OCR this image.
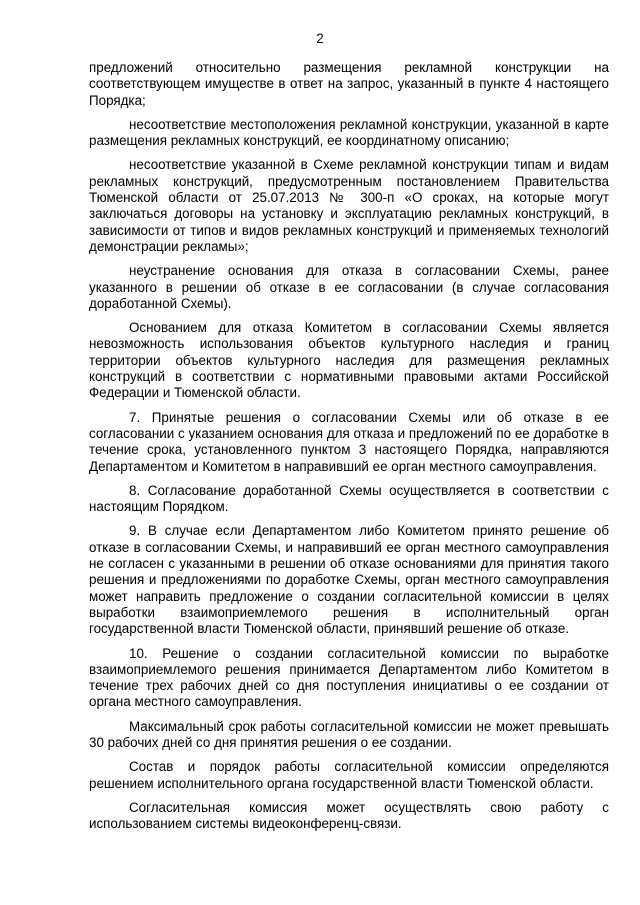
2

предложений относительно размещения рекламной конструкции на соответствующем имуществе в ответ на запрос, указанный в пункте 4 настоящего Порядка;

несоответствие местоположения рекламной конструкции, указанной в карте размещения рекламных конструкций, ее координатному описанию;

несоответствие указанной в Схеме рекламной конструкции типам и видам рекламных конструкций, предусмотренным постановлением Правительства Тюменской области от 25.07.2013 № 300-п «О сроках, на которые могут заключаться договоры на установку и эксплуатацию рекламных конструкций, в зависимости от типов и видов рекламных конструкций и применяемых технологий демонстрации рекламы»;

неустранение основания для отказа в согласовании Схемы, ранее указанного в решении об отказе в ее согласовании (в случае согласования доработанной Схемы).

Основанием для отказа Комитетом в согласовании Схемы является невозможность использования объектов культурного наследия и границ территории объектов культурного наследия для размещения рекламных конструкций в соответствии с нормативными правовыми актами Российской Федерации и Тюменской области.

7. Принятые решения о согласовании Схемы или об отказе в ее согласовании с указанием основания для отказа и предложений по ее доработке в течение срока, установленного пунктом 3 настоящего Порядка, направляются Департаментом и Комитетом в направивший ее орган местного самоуправления.

8. Согласование доработанной Схемы осуществляется в соответствии с настоящим Порядком.

9. В случае если Департаментом либо Комитетом принято решение об отказе в согласовании Схемы, и направивший ее орган местного самоуправления не согласен с указанными в решении об отказе основаниями для принятия такого решения и предложениями по доработке Схемы, орган местного самоуправления может направить предложение о создании согласительной комиссии в целях выработки взаимоприемлемого решения в исполнительный орган государственной власти Тюменской области, принявший решение об отказе.

10. Решение о создании согласительной комиссии по выработке взаимоприемлемого решения принимается Департаментом либо Комитетом в течение трех рабочих дней со дня поступления инициативы о ее создании от органа местного самоуправления.

Максимальный срок работы согласительной комиссии не может превышать 30 рабочих дней со дня принятия решения о ее создании.

Состав и порядок работы согласительной комиссии определяются решением исполнительного органа государственной власти Тюменской области.

Согласительная комиссия может осуществлять свою работу с использованием системы видеоконференц-связи.
